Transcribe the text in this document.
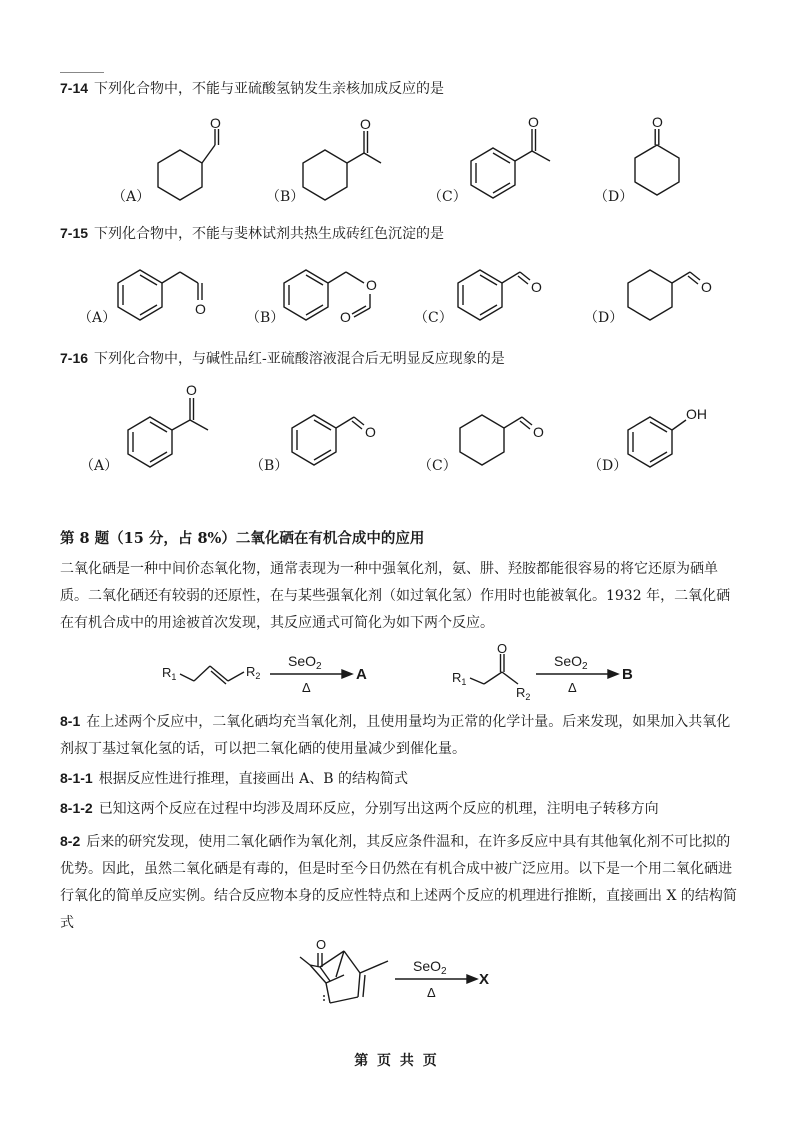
7-14 下列化合物中，不能与亚硫酸氢钠发生亲核加成反应的是
（A）	（B）	（C）	（D）
O	O	O	O
7-15 下列化合物中，不能与斐林试剂共热生成砖红色沉淀的是
（A）	（B）	（C）	（D）
O
O
O
O	O
7-16 下列化合物中，与碱性品红-亚硫酸溶液混合后无明显反应现象的是
（A）	（B）	（C）	（D）
O
O	O
OH
第 8 题（15 分，占 8%）二氧化硒在有机合成中的应用
二氧化硒是一种中间价态氧化物，通常表现为一种中强氧化剂，氨、肼、羟胺都能很容易的将它还原为硒单质。二氧化硒还有较弱的还原性，在与某些强氧化剂（如过氧化氢）作用时也能被氧化。1932 年，二氧化硒在有机合成中的用途被首次发现，其反应通式可简化为如下两个反应。
$R_1$	$R_2$
SeO$_2$
Δ
A	$R_1$
O
$R_2$
SeO$_2$
Δ
B
8-1 在上述两个反应中，二氧化硒均充当氧化剂，且使用量均为正常的化学计量。后来发现，如果加入共氧化剂叔丁基过氧化氢的话，可以把二氧化硒的使用量减少到催化量。
8-1-1 根据反应性进行推理，直接画出 A、B 的结构简式
8-1-2 已知这两个反应在过程中均涉及周环反应，分别写出这两个反应的机理，注明电子转移方向
8-2 后来的研究发现，使用二氧化硒作为氧化剂，其反应条件温和，在许多反应中具有其他氧化剂不可比拟的优势。因此，虽然二氧化硒是有毒的，但是时至今日仍然在有机合成中被广泛应用。以下是一个用二氧化硒进行氧化的简单反应实例。结合反应物本身的反应性特点和上述两个反应的机理进行推断，直接画出 X 的结构简式
O
SeO$_2$
Δ
X
第 页 共 页
